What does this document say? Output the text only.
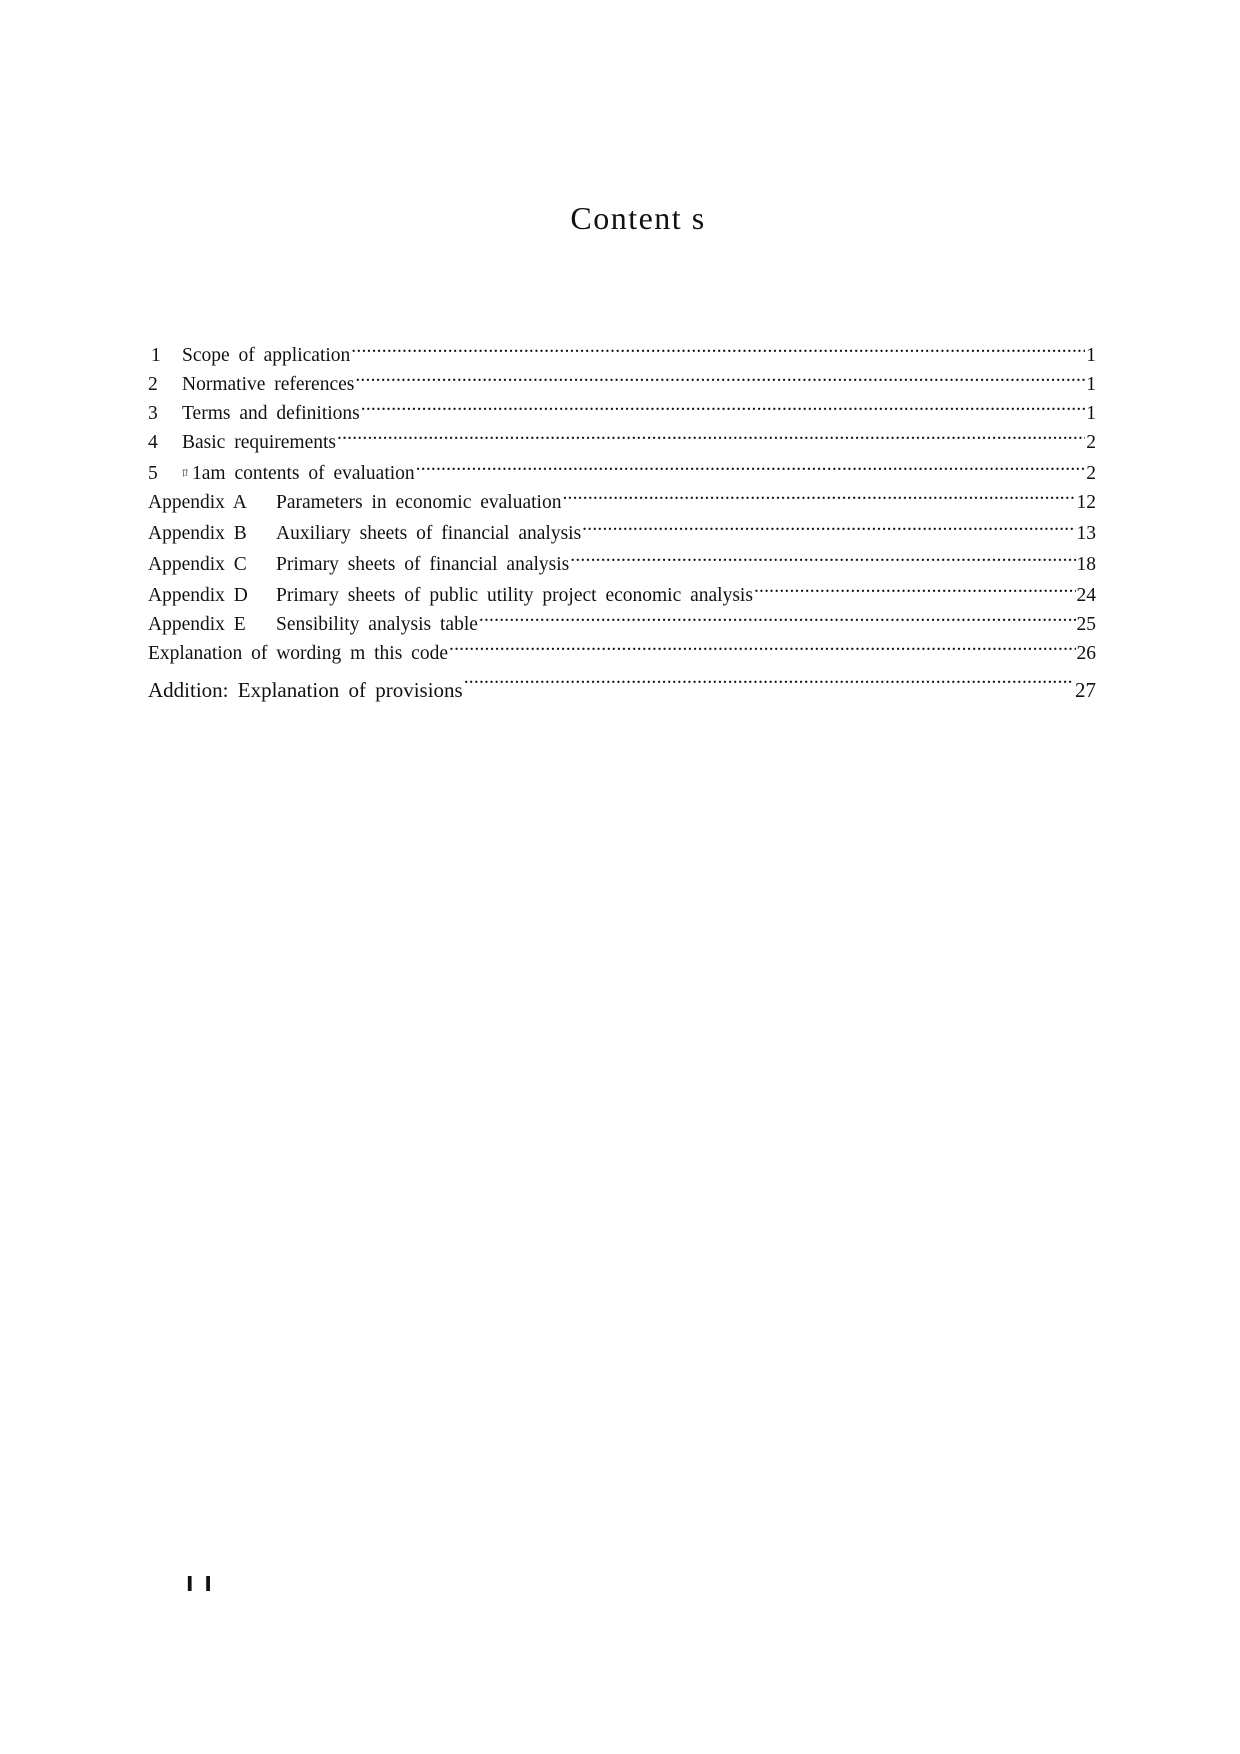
Content s
1	Scope of application .....	1
2	Normative references .....	1
3	Terms and definitions .....	1
4	Basic requirements .....	2
5	ﾛ 1am contents of evaluation .....	2
Appendix A	Parameters in economic evaluation .....	12
Appendix B	Auxiliary sheets of financial analysis .....	13
Appendix C	Primary sheets of financial analysis .....	18
Appendix D	Primary sheets of public utility project economic analysis .....	24
Appendix E	Sensibility analysis table .....	25
Explanation of wording m this code .....	26
Addition: Explanation of provisions .....	27
I I
